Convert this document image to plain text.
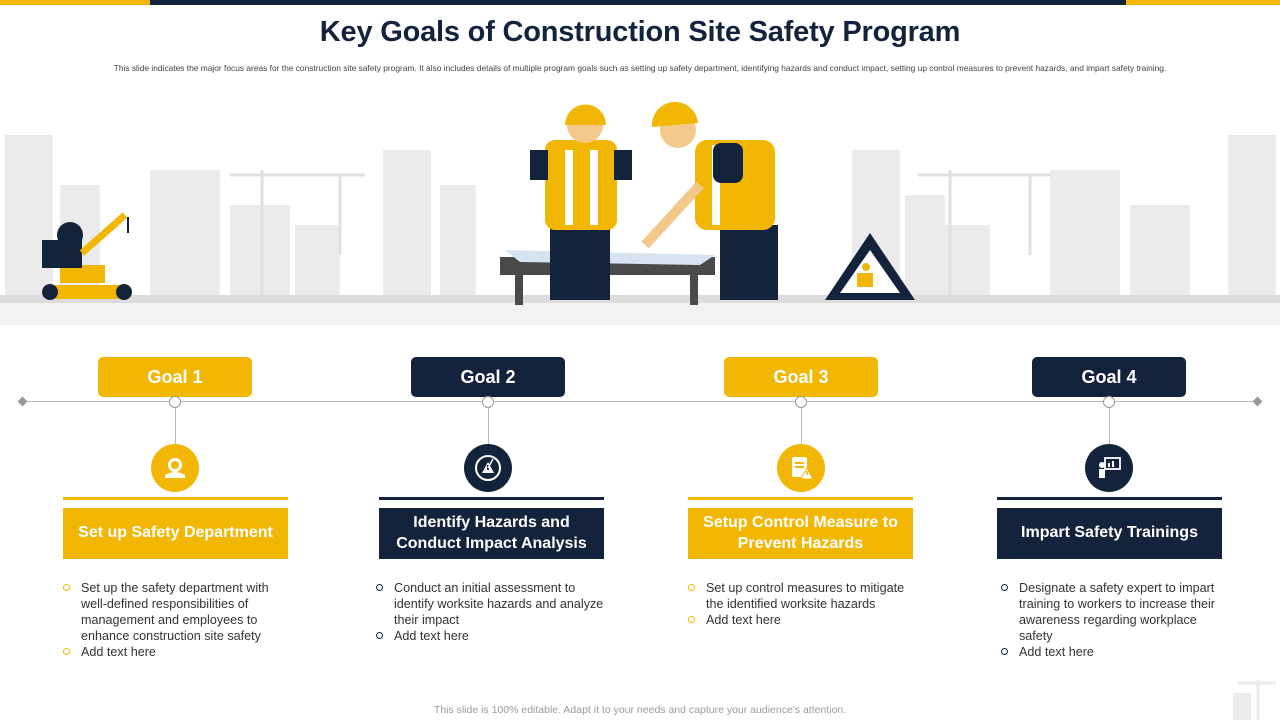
Key Goals of Construction Site Safety Program

This slide indicates the major focus areas for the construction site safety program. It also includes details of multiple program goals such as setting up safety department, identifying hazards and conduct impact, setting up control measures to prevent hazards, and impart safety training.

Goal 1
Set up Safety Department
Set up the safety department with well-defined responsibilities of management and employees to enhance construction site safety
Add text here
Goal 2
Identify Hazards and Conduct Impact Analysis
Conduct an initial assessment to identify worksite hazards and analyze their impact
Add text here
Goal 3
Setup Control Measure to Prevent Hazards
Set up control measures to mitigate the identified worksite hazards
Add text here
Goal 4
Impart Safety Trainings
Designate a safety expert to impart training to workers to increase their awareness regarding workplace safety
Add text here

This slide is 100% editable. Adapt it to your needs and capture your audience's attention.
